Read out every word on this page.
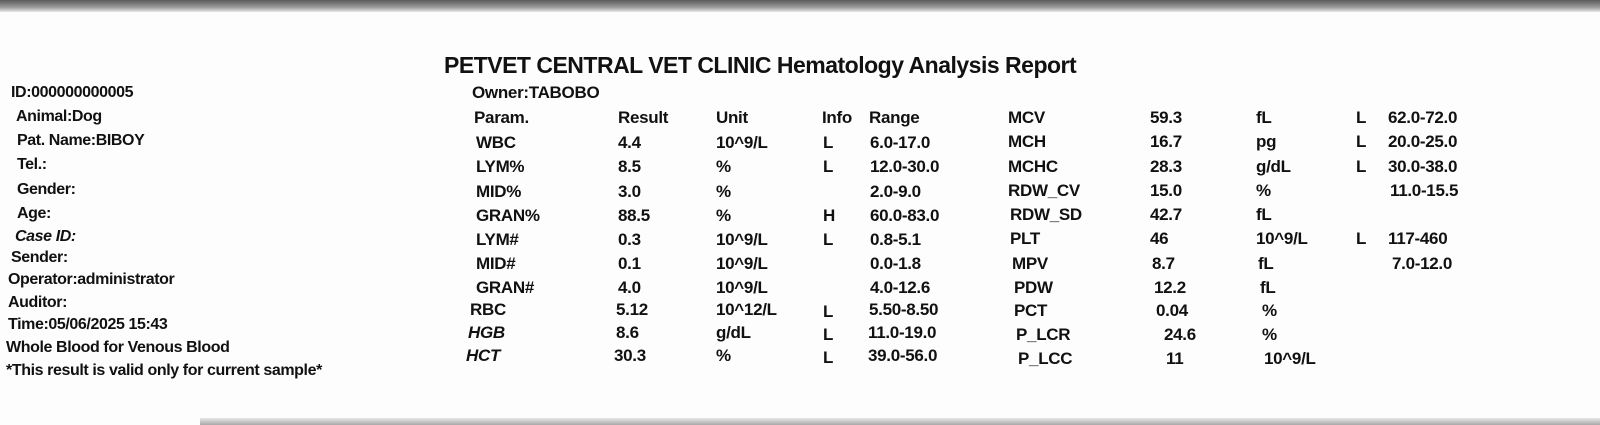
PETVET CENTRAL VET CLINIC Hematology Analysis Report
ID:000000000005
Animal:Dog
Pat. Name:BIBOY
Tel.:
Gender:
Age:
Case ID:
Sender:
Operator:administrator
Auditor:
Time:05/06/2025 15:43
Whole Blood for Venous Blood
*This result is valid only for current sample*
Owner:TABOBO
Param.	Result	Unit	Info Range
WBC	4.4	10^9/L	L 6.0-17.0
LYM%	8.5	%	L 12.0-30.0
MID%	3.0	%	2.0-9.0
GRAN%	88.5	%	H 60.0-83.0
LYM#	0.3	10^9/L	L 0.8-5.1
MID#	0.1	10^9/L	0.0-1.8
GRAN#	4.0	10^9/L	4.0-12.6
RBC	5.12	10^12/L	L 5.50-8.50
HGB	8.6	g/dL	L 11.0-19.0
HCT	30.3	%	L 39.0-56.0
MCV	59.3	fL	L 62.0-72.0
MCH	16.7	pg	L 20.0-25.0
MCHC	28.3	g/dL	L 30.0-38.0
RDW_CV	15.0	%	11.0-15.5
RDW_SD	42.7	fL
PLT	46	10^9/L	L 117-460
MPV	8.7	fL	7.0-12.0
PDW	12.2	fL
PCT	0.04	%
P_LCR	24.6	%
P_LCC	11	10^9/L
